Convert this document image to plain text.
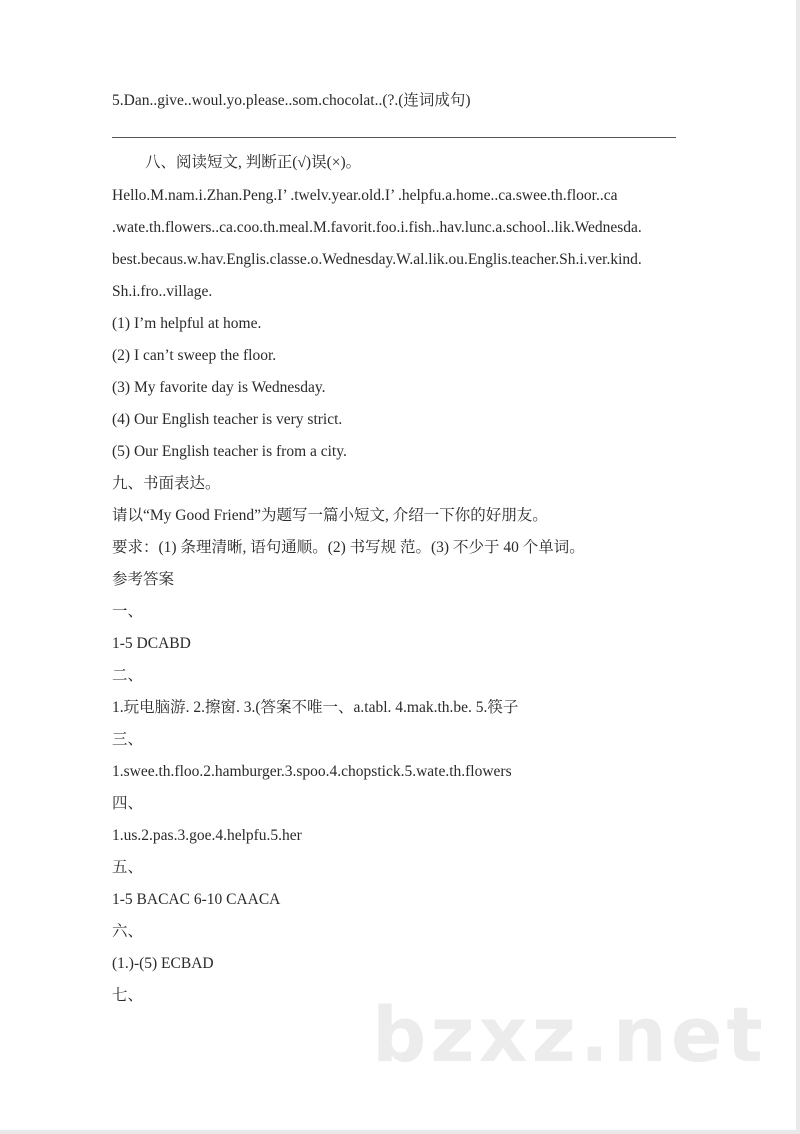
5.Dan..give..woul.yo.please..som.chocolat..(?.(连词成句)
八、阅读短文, 判断正(√)误(×)。
Hello.M.nam.i.Zhan.Peng.I’ .twelv.year.old.I’ .helpfu.a.home..ca.swee.th.floor..ca
.wate.th.flowers..ca.coo.th.meal.M.favorit.foo.i.fish..hav.lunc.a.school..lik.Wednesda.
best.becaus.w.hav.Englis.classe.o.Wednesday.W.al.lik.ou.Englis.teacher.Sh.i.ver.kind.
Sh.i.fro..village.
(1) I’m helpful at home.
(2) I can’t sweep the floor.
(3) My favorite day is Wednesday.
(4) Our English teacher is very strict.
(5) Our English teacher is from a city.
九、书面表达。
请以“My Good Friend”为题写一篇小短文, 介绍一下你的好朋友。
要求：(1) 条理清晰, 语句通顺。(2) 书写规 范。(3) 不少于 40 个单词。
参考答案
一、
1-5 DCABD
二、
1.玩电脑游. 2.擦窗. 3.(答案不唯一、a.tabl. 4.mak.th.be. 5.筷子
三、
1.swee.th.floo.2.hamburger.3.spoo.4.chopstick.5.wate.th.flowers
四、
1.us.2.pas.3.goe.4.helpfu.5.her
五、
1-5 BACAC 6-10 CAACA
六、
(1.)-(5) ECBAD
七、	bzxz.net
